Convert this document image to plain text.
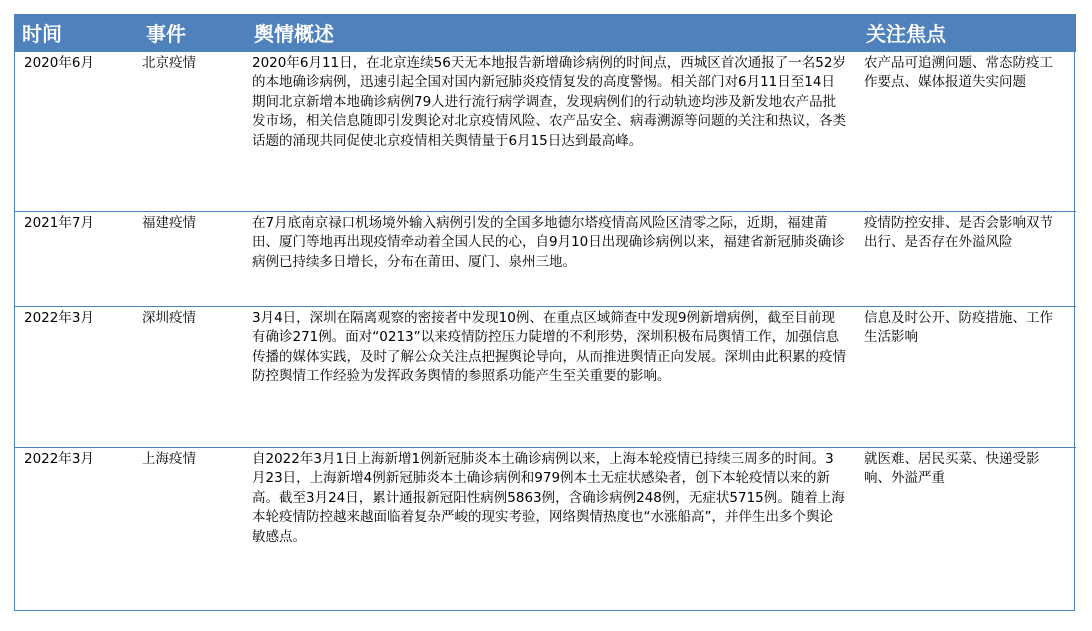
时间	事件	舆情概述	关注焦点
2020年6月	北京疫情	2020年6月11日，在北京连续56天无本地报告新增确诊病例的时间点，西城区首次通报了一名52岁的本地确诊病例，迅速引起全国对国内新冠肺炎疫情复发的高度警惕。相关部门对6月11日至14日期间北京新增本地确诊病例79人进行流行病学调查，发现病例们的行动轨迹均涉及新发地农产品批发市场，相关信息随即引发舆论对北京疫情风险、农产品安全、病毒溯源等问题的关注和热议，各类话题的涌现共同促使北京疫情相关舆情量于6月15日达到最高峰。	农产品可追溯问题、常态防疫工作要点、媒体报道失实问题
2021年7月	福建疫情	在7月底南京禄口机场境外输入病例引发的全国多地德尔塔疫情高风险区清零之际，近期，福建莆田、厦门等地再出现疫情牵动着全国人民的心，自9月10日出现确诊病例以来，福建省新冠肺炎确诊病例已持续多日增长，分布在莆田、厦门、泉州三地。	疫情防控安排、是否会影响双节出行、是否存在外溢风险
2022年3月	深圳疫情	3月4日，深圳在隔离观察的密接者中发现10例、在重点区域筛查中发现9例新增病例，截至目前现有确诊271例。面对“0213”以来疫情防控压力陡增的不利形势，深圳积极布局舆情工作，加强信息传播的媒体实践，及时了解公众关注点把握舆论导向，从而推进舆情正向发展。深圳由此积累的疫情防控舆情工作经验为发挥政务舆情的参照系功能产生至关重要的影响。	信息及时公开、防疫措施、工作生活影响
2022年3月	上海疫情	自2022年3月1日上海新增1例新冠肺炎本土确诊病例以来，上海本轮疫情已持续三周多的时间。3月23日，上海新增4例新冠肺炎本土确诊病例和979例本土无症状感染者，创下本轮疫情以来的新高。截至3月24日，累计通报新冠阳性病例5863例，含确诊病例248例，无症状5715例。随着上海本轮疫情防控越来越面临着复杂严峻的现实考验，网络舆情热度也“水涨船高”，并伴生出多个舆论敏感点。	就医难、居民买菜、快递受影响、外溢严重
